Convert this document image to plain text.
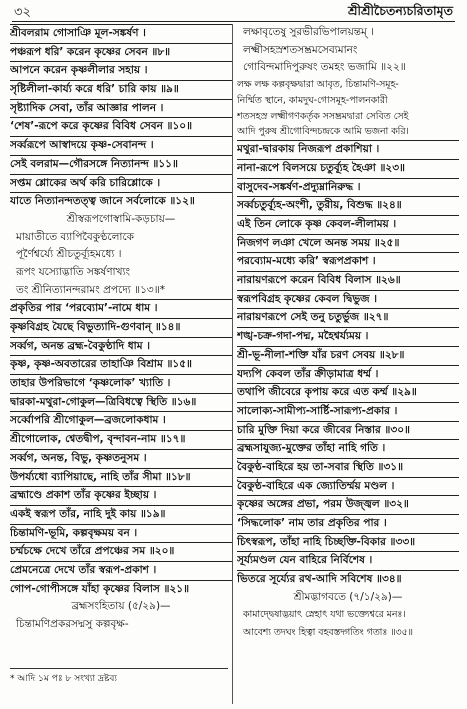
৩২	শ্রীশ্রীচৈতন্যচরিতামৃত
শ্রীবলরাম গোসাঞি মূল-সঙ্কর্ষণ ।
পঞ্চরূপ ধরি’ করেন কৃষ্ণের সেবন ॥৮॥
আপনে করেন কৃষ্ণলীলার সহায় ।
সৃষ্টিলীলা-কার্য্য করে ধরি’ চারি কায় ॥৯॥
সৃষ্ট্যাদিক সেবা, তাঁর আজ্ঞার পালন ।
‘শেষ’-রূপে করে কৃষ্ণের বিবিধ সেবন ॥১০॥
সর্ব্বরূপে আস্বাদয়ে কৃষ্ণ-সেবানন্দ ।
সেই বলরাম—গৌরসঙ্গে নিত্যানন্দ ॥১১॥
সপ্তম শ্লোকের অর্থ করি চারিশ্লোকে ।
যাতে নিত্যানন্দতত্ত্ব জানে সর্বলোকে ॥১২॥
শ্রীস্বরূপগোস্বামি-কড়চায়—
মায়াতীতে ব্যাপিবৈকুণ্ঠলোকে
পূর্ণৈশ্বর্য্যে শ্রীচতুর্ব্যূহমধ্যে ।
রূপং যস্যোদ্ভাতি সঙ্কর্ষণাখ্যং
তং শ্রীনিত্যানন্দরামং প্রপদ্যে ॥১৩॥*
প্রকৃতির পার ‘পরব্যোম’-নামে ধাম ।
কৃষ্ণবিগ্রহ যৈছে বিভুত্যাদি-গুণবান্ ॥১৪॥
সর্ব্বগ, অনন্ত ব্রহ্ম-বৈকুণ্ঠাদি ধাম ।
কৃষ্ণ, কৃষ্ণ-অবতারের তাহাঞি বিশ্রাম ॥১৫॥
তাহার উপরিভাগে ‘কৃষ্ণলোক’ খ্যাতি ।
দ্বারকা-মথুরা-গোকুল—ত্রিবিধত্বে স্থিতি ॥১৬॥
সর্ব্বোপরি শ্রীগোকুল—ব্রজলোকধাম ।
শ্রীগোলোক, শ্বেতদ্বীপ, বৃন্দাবন-নাম ॥১৭॥
সর্ব্বগ, অনন্ত, বিভু, কৃষ্ণতনুসম ।
উপর্য্যধো ব্যাপিয়াছে, নাহি তাঁর সীমা ॥১৮॥
ব্রহ্মাণ্ডে প্রকাশ তাঁর কৃষ্ণের ইচ্ছায় ।
একই স্বরূপ তাঁর, নাহি দুই কায় ॥১৯॥
চিন্তামণি-ভূমি, কল্পবৃক্ষময় বন ।
চর্ম্মচক্ষে দেখে তাঁরে প্রপঞ্চের সম ॥২০॥
প্রেমনেত্রে দেখে তাঁর স্বরূপ-প্রকাশ ।
গোপ-গোপীসঙ্গে যাঁহা কৃষ্ণের বিলাস ॥২১॥
ব্রহ্মসংহিতায় (৫/২৯)—
চিন্তামণিপ্রকরসদ্মসু কল্পবৃক্ষ-
লক্ষাবৃতেষু সুরভীরভিপালয়ন্তম্ ।
লক্ষ্মীসহস্রশতসম্ভ্রমসেব্যমানং
গোবিন্দমাদিপুরুষং তমহং ভজামি ॥২২॥
লক্ষ লক্ষ কল্পবৃক্ষদ্বারা আবৃত, চিন্তামণি-সমূহ-
নির্ম্মিত স্থানে, কামদুঘ-গোসমূহ-পালনকারী
শতসহস্র লক্ষ্মীগণকর্তৃক সসম্ভ্রমদ্বারা সেবিত সেই
আদি পুরুষ শ্রীগোবিন্দচন্দ্রকে আমি ভজনা করি।
মথুরা-দ্বারকায় নিজরূপ প্রকাশিয়া ।
নানা-রূপে বিলসয়ে চতুর্ব্যূহ হৈঞা ॥২৩॥
বাসুদেব-সঙ্কর্ষণ-প্রদ্যুম্নানিরুদ্ধ ।
সর্ব্বচতুর্ব্যূহ-অংশী, তুরীয়, বিশুদ্ধ ॥২৪॥
এই তিন লোকে কৃষ্ণ কেবল-লীলাময় ।
নিজগণ লঞা খেলে অনন্ত সময় ॥২৫॥
পরব্যোম-মধ্যে করি’ স্বরূপপ্রকাশ ।
নারায়ণরূপে করেন বিবিধ বিলাস ॥২৬॥
স্বরূপবিগ্রহ কৃষ্ণের কেবল দ্বিভুজ ।
নারায়ণরূপে সেই তনু চতুর্ভুজ ॥২৭॥
শঙ্খ-চক্র-গদা-পদ্ম, মহৈশ্বর্য্যময় ।
শ্রী-ভূ-নীলা-শক্তি যাঁর চরণ সেবয় ॥২৮॥
যদ্যপি কেবল তাঁর ক্রীড়ামাত্র ধর্ম্ম ।
তথাপি জীবেরে কৃপায় করে এত কর্ম্ম ॥২৯॥
সালোক্য-সামীপ্য-সার্ষ্টি-সারূপ্য-প্রকার ।
চারি মুক্তি দিয়া করে জীবের নিস্তার ॥৩০॥
ব্রহ্মসাযুজ্য-মুক্তের তাঁহা নাহি গতি ।
বৈকুণ্ঠ-বাহিরে হয় তা-সবার স্থিতি ॥৩১॥
বৈকুণ্ঠ-বাহিরে এক জ্যোতির্ম্ময় মণ্ডল ।
কৃষ্ণের অঙ্গের প্রভা, পরম উজ্জ্বল ॥৩২॥
‘সিদ্ধলোক’ নাম তার প্রকৃতির পার ।
চিৎস্বরূপ, তাঁহা নাহি চিচ্ছক্তি-বিকার ॥৩৩॥
সূর্য্যমণ্ডল যেন বাহিরে নির্বিশেষ ।
ভিতরে সূর্য্যের রথ-আদি সবিশেষ ॥৩৪॥
শ্রীমদ্ভাগবতে (৭/১/২৯)—
কামাদ্দ্বেষাদ্ভয়াৎ স্নেহাৎ যথা ভক্ত্যেশ্বরে মনঃ।
আবেশ্য তদঘং হিত্বা বহবস্তদ্গতিং গতাঃ ॥৩৫॥
* আদি ১ম পঃ ৮ সংখ্যা দ্রষ্টব্য
